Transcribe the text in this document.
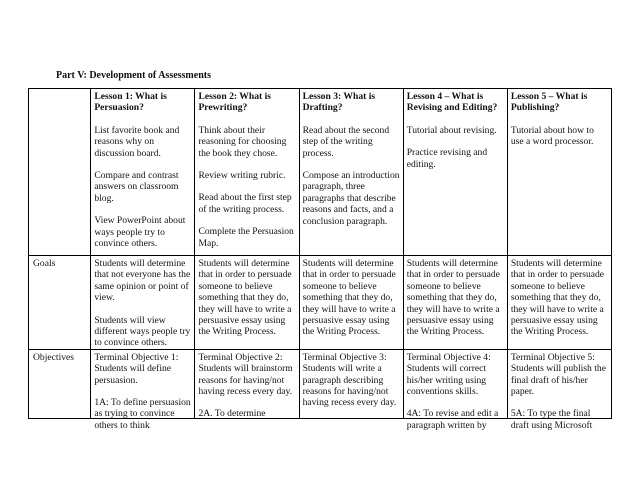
Part V: Development of Assessments

	Lesson 1: What is Persuasion?
List favorite book and reasons why on discussion board.
Compare and contrast answers on classroom blog.
View PowerPoint about ways people try to convince others.	Lesson 2: What is Prewriting?
Think about their reasoning for choosing the book they chose.
Review writing rubric.
Read about the first step of the writing process.
Complete the Persuasion Map.	Lesson 3: What is Drafting?
Read about the second step of the writing process.
Compose an introduction paragraph, three paragraphs that describe reasons and facts, and a conclusion paragraph.	Lesson 4 – What is Revising and Editing?
Tutorial about revising.
Practice revising and editing.	Lesson 5 – What is Publishing?
Tutorial about how to use a word processor.

Goals	Students will determine that not everyone has the same opinion or point of view.
Students will view different ways people try to convince others.	Students will determine that in order to persuade someone to believe something that they do, they will have to write a persuasive essay using the Writing Process.	Students will determine that in order to persuade someone to believe something that they do, they will have to write a persuasive essay using the Writing Process.	Students will determine that in order to persuade someone to believe something that they do, they will have to write a persuasive essay using the Writing Process.	Students will determine that in order to persuade someone to believe something that they do, they will have to write a persuasive essay using the Writing Process.

Objectives	Terminal Objective 1: Students will define persuasion.
1A: To define persuasion as trying to convince others to think	Terminal Objective 2: Students will brainstorm reasons for having/not having recess every day.
2A. To determine	Terminal Objective 3: Students will write a paragraph describing reasons for having/not having recess every day.	Terminal Objective 4: Students will correct his/her writing using conventions skills.
4A: To revise and edit a paragraph written by	Terminal Objective 5: Students will publish the final draft of his/her paper.
5A: To type the final draft using Microsoft
